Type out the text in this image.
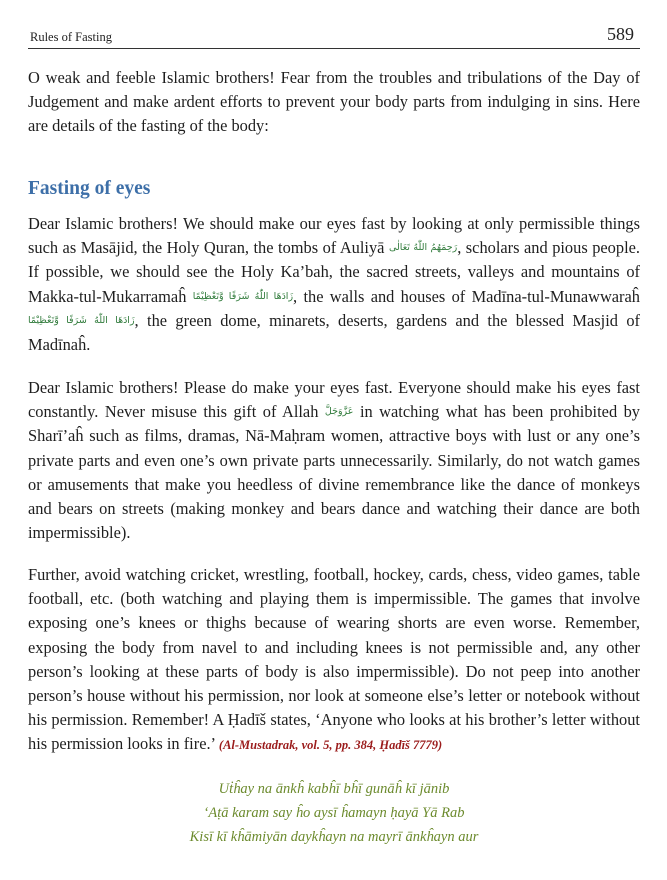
Rules of Fasting	589

O weak and feeble Islamic brothers! Fear from the troubles and tribulations of the Day of Judgement and make ardent efforts to prevent your body parts from indulging in sins. Here are details of the fasting of the body:

Fasting of eyes

Dear Islamic brothers! We should make our eyes fast by looking at only permissible things such as Masājid, the Holy Quran, the tombs of Auliyā رَحِمَهُمُ اللّٰهُ تَعَالٰی, scholars and pious people. If possible, we should see the Holy Ka’bah, the sacred streets, valleys and mountains of Makka-tul-Mukarramaĥ زَادَهَا اللّٰهُ شَرَفًا وَّتَعْظِيْمًا, the walls and houses of Madīna-tul-Munawwaraĥ زَادَهَا اللّٰهُ شَرَفًا وَّتَعْظِيْمًا, the green dome, minarets, deserts, gardens and the blessed Masjid of Madīnaĥ.

Dear Islamic brothers! Please do make your eyes fast. Everyone should make his eyes fast constantly. Never misuse this gift of Allah عَزَّوَجَلَّ in watching what has been prohibited by Sharī’aĥ such as films, dramas, Nā-Maḥram women, attractive boys with lust or any one’s private parts and even one’s own private parts unnecessarily. Similarly, do not watch games or amusements that make you heedless of divine remembrance like the dance of monkeys and bears on streets (making monkey and bears dance and watching their dance are both impermissible).

Further, avoid watching cricket, wrestling, football, hockey, cards, chess, video games, table football, etc. (both watching and playing them is impermissible. The games that involve exposing one’s knees or thighs because of wearing shorts are even worse. Remember, exposing the body from navel to and including knees is not permissible and, any other person’s looking at these parts of body is also impermissible). Do not peep into another person’s house without his permission, nor look at someone else’s letter or notebook without his permission. Remember! A Ḥadīš states, ‘Anyone who looks at his brother’s letter without his permission looks in fire.’ (Al-Mustadrak, vol. 5, pp. 384, Ḥadīš 7779)

Uṫĥay na ānkĥ kabĥī bĥī gunāĥ kī jānib
‘Aṭā karam say ĥo aysī ĥamayn ḥayā Yā Rab
Kisī kī kĥāmiyān daykĥayn na mayrī ānkĥayn aur
